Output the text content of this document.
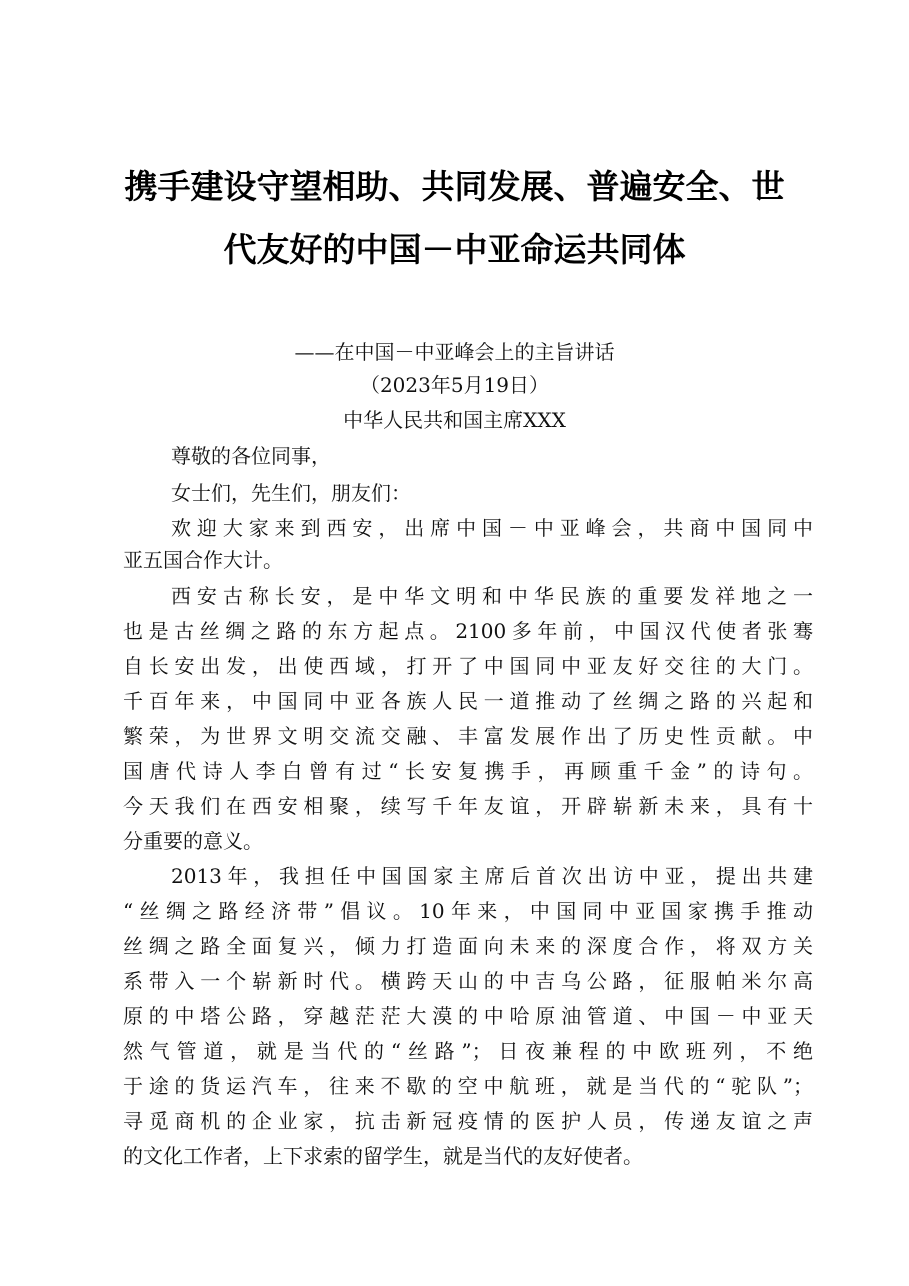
携手建设守望相助、共同发展、普遍安全、世
代友好的中国－中亚命运共同体
——在中国－中亚峰会上的主旨讲话
（2023年5月19日）
中华人民共和国主席XXX
尊敬的各位同事，
女士们，先生们，朋友们：
欢迎大家来到西安，出席中国－中亚峰会，共商中国同中
亚五国合作大计。
西安古称长安，是中华文明和中华民族的重要发祥地之一
也是古丝绸之路的东方起点。2100多年前，中国汉代使者张骞
自长安出发，出使西域，打开了中国同中亚友好交往的大门。
千百年来，中国同中亚各族人民一道推动了丝绸之路的兴起和
繁荣，为世界文明交流交融、丰富发展作出了历史性贡献。中
国唐代诗人李白曾有过“长安复携手，再顾重千金”的诗句。
今天我们在西安相聚，续写千年友谊，开辟崭新未来，具有十
分重要的意义。
2013年，我担任中国国家主席后首次出访中亚，提出共建
“丝绸之路经济带”倡议。10年来，中国同中亚国家携手推动
丝绸之路全面复兴，倾力打造面向未来的深度合作，将双方关
系带入一个崭新时代。横跨天山的中吉乌公路，征服帕米尔高
原的中塔公路，穿越茫茫大漠的中哈原油管道、中国－中亚天
然气管道，就是当代的“丝路”；日夜兼程的中欧班列，不绝
于途的货运汽车，往来不歇的空中航班，就是当代的“驼队”；
寻觅商机的企业家，抗击新冠疫情的医护人员，传递友谊之声
的文化工作者，上下求索的留学生，就是当代的友好使者。
